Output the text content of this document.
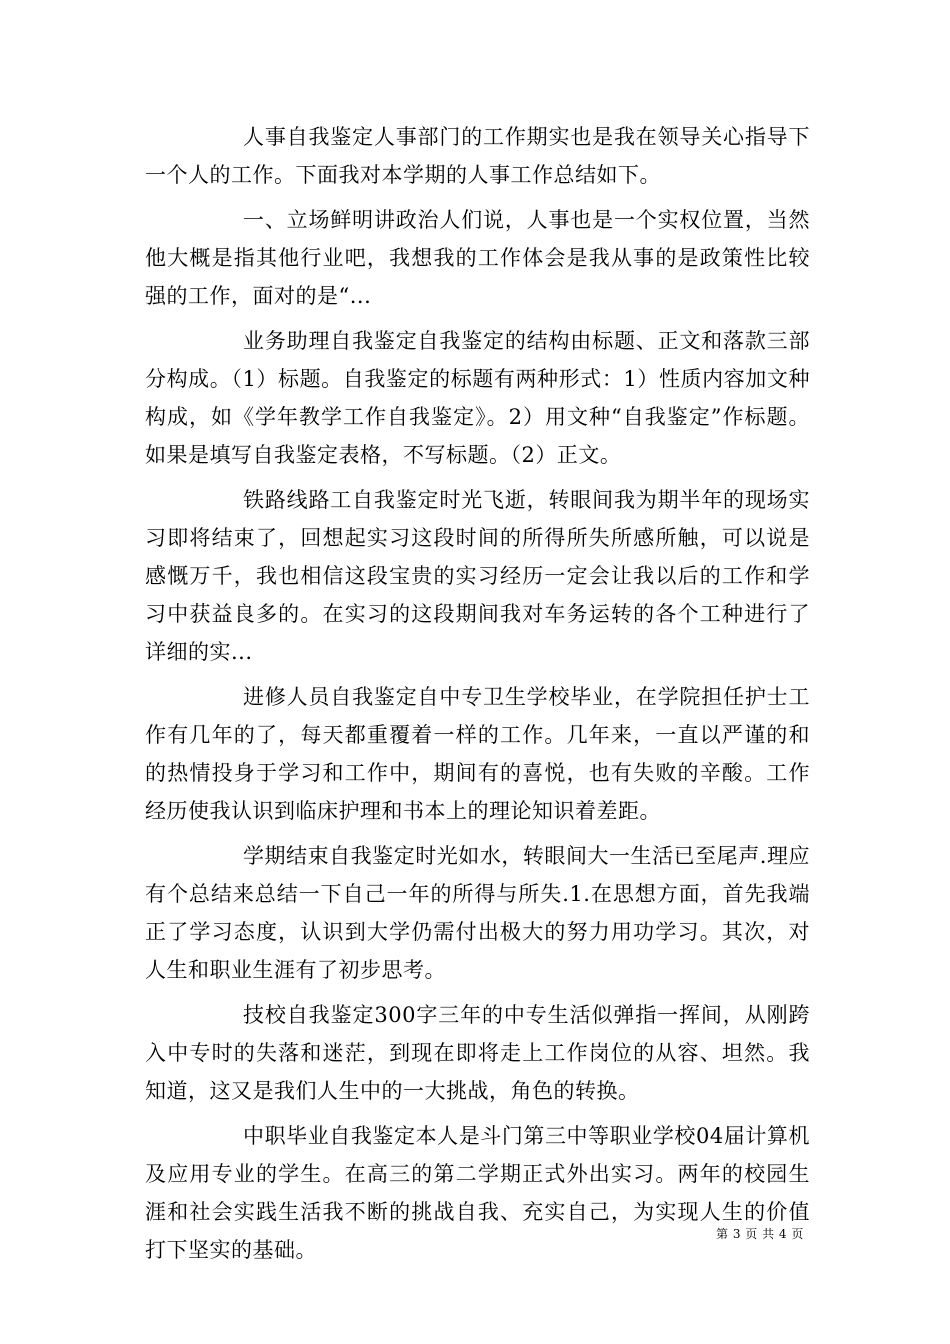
人事自我鉴定人事部门的工作期实也是我在领导关心指导下一个人的工作。下面我对本学期的人事工作总结如下。

一、立场鲜明讲政治人们说，人事也是一个实权位置，当然他大概是指其他行业吧，我想我的工作体会是我从事的是政策性比较强的工作，面对的是“...

业务助理自我鉴定自我鉴定的结构由标题、正文和落款三部分构成。（1）标题。自我鉴定的标题有两种形式：1）性质内容加文种构成，如《学年教学工作自我鉴定》。2）用文种“自我鉴定”作标题。如果是填写自我鉴定表格，不写标题。（2）正文。

铁路线路工自我鉴定时光飞逝，转眼间我为期半年的现场实习即将结束了，回想起实习这段时间的所得所失所感所触，可以说是感慨万千，我也相信这段宝贵的实习经历一定会让我以后的工作和学习中获益良多的。在实习的这段期间我对车务运转的各个工种进行了详细的实...

进修人员自我鉴定自中专卫生学校毕业，在学院担任护士工作有几年的了，每天都重覆着一样的工作。几年来，一直以严谨的和的热情投身于学习和工作中，期间有的喜悦，也有失败的辛酸。工作经历使我认识到临床护理和书本上的理论知识着差距。

学期结束自我鉴定时光如水，转眼间大一生活已至尾声.理应有个总结来总结一下自己一年的所得与所失.1.在思想方面，首先我端正了学习态度，认识到大学仍需付出极大的努力用功学习。其次，对人生和职业生涯有了初步思考。

技校自我鉴定300字三年的中专生活似弹指一挥间，从刚跨入中专时的失落和迷茫，到现在即将走上工作岗位的从容、坦然。我知道，这又是我们人生中的一大挑战，角色的转换。

中职毕业自我鉴定本人是斗门第三中等职业学校04届计算机及应用专业的学生。在高三的第二学期正式外出实习。两年的校园生涯和社会实践生活我不断的挑战自我、充实自己，为实现人生的价值打下坚实的基础。

第 3 页 共 4 页
